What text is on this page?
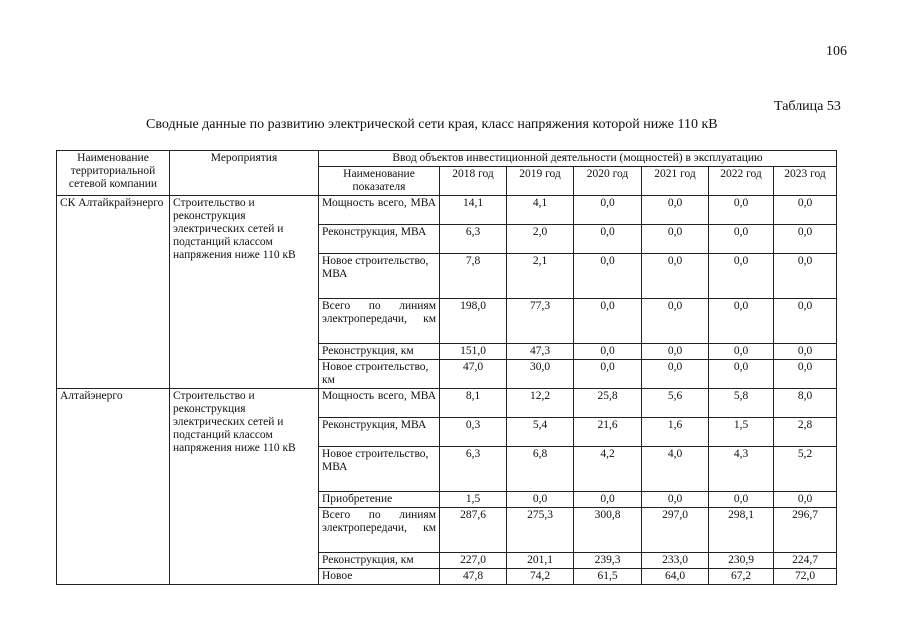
106
Таблица 53
Сводные данные по развитию электрической сети края, класс напряжения которой ниже 110 кВ
Наименование территориальной сетевой компании	Мероприятия	Ввод объектов инвестиционной деятельности (мощностей) в эксплуатацию						
		Наименование показателя	2018 год	2019 год	2020 год	2021 год	2022 год	2023 год
СК Алтайкрайэнерго	Строительство и реконструкция электрических сетей и подстанций классом напряжения ниже 110 кВ	Мощность всего, МВА	14,1	4,1	0,0	0,0	0,0	0,0
		Реконструкция, МВА	6,3	2,0	0,0	0,0	0,0	0,0
		Новое строительство, МВА	7,8	2,1	0,0	0,0	0,0	0,0
		Всего по линиям электропередачи, км	198,0	77,3	0,0	0,0	0,0	0,0
		Реконструкция, км	151,0	47,3	0,0	0,0	0,0	0,0
		Новое строительство, км	47,0	30,0	0,0	0,0	0,0	0,0
Алтайэнерго	Строительство и реконструкция электрических сетей и подстанций классом напряжения ниже 110 кВ	Мощность всего, МВА	8,1	12,2	25,8	5,6	5,8	8,0
		Реконструкция, МВА	0,3	5,4	21,6	1,6	1,5	2,8
		Новое строительство, МВА	6,3	6,8	4,2	4,0	4,3	5,2
		Приобретение	1,5	0,0	0,0	0,0	0,0	0,0
		Всего по линиям электропередачи, км	287,6	275,3	300,8	297,0	298,1	296,7
		Реконструкция, км	227,0	201,1	239,3	233,0	230,9	224,7
		Новое	47,8	74,2	61,5	64,0	67,2	72,0
